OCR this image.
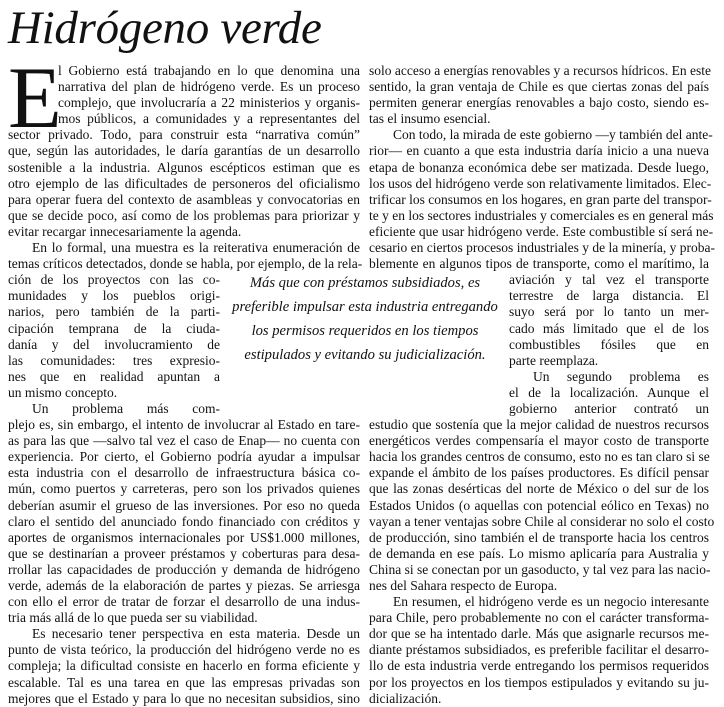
Hidrógeno verde
E
l Gobierno está trabajando en lo que denomina una
narrativa del plan de hidrógeno verde. Es un proceso
complejo, que involucraría a 22 ministerios y organis-
mos públicos, a comunidades y a representantes del
sector privado. Todo, para construir esta “narrativa común”
que, según las autoridades, le daría garantías de un desarrollo
sostenible a la industria. Algunos escépticos estiman que es
otro ejemplo de las dificultades de personeros del oficialismo
para operar fuera del contexto de asambleas y convocatorias en
que se decide poco, así como de los problemas para priorizar y
evitar recargar innecesariamente la agenda.
En lo formal, una muestra es la reiterativa enumeración de
temas críticos detectados, donde se habla, por ejemplo, de la rela-
ción de los proyectos con las co-
munidades y los pueblos origi-
narios, pero también de la parti-
cipación temprana de la ciuda-
danía y del involucramiento de
las comunidades: tres expresio-
nes que en realidad apuntan a
un mismo concepto.
Un problema más com-
plejo es, sin embargo, el intento de involucrar al Estado en tare-
as para las que —salvo tal vez el caso de Enap— no cuenta con
experiencia. Por cierto, el Gobierno podría ayudar a impulsar
esta industria con el desarrollo de infraestructura básica co-
mún, como puertos y carreteras, pero son los privados quienes
deberían asumir el grueso de las inversiones. Por eso no queda
claro el sentido del anunciado fondo financiado con créditos y
aportes de organismos internacionales por US$1.000 millones,
que se destinarían a proveer préstamos y coberturas para desa-
rrollar las capacidades de producción y demanda de hidrógeno
verde, además de la elaboración de partes y piezas. Se arriesga
con ello el error de tratar de forzar el desarrollo de una indus-
tria más allá de lo que pueda ser su viabilidad.
Es necesario tener perspectiva en esta materia. Desde un
punto de vista teórico, la producción del hidrógeno verde no es
compleja; la dificultad consiste en hacerlo en forma eficiente y
escalable. Tal es una tarea en que las empresas privadas son
mejores que el Estado y para lo que no necesitan subsidios, sino
solo acceso a energías renovables y a recursos hídricos. En este
sentido, la gran ventaja de Chile es que ciertas zonas del país
permiten generar energías renovables a bajo costo, siendo es-
tas el insumo esencial.
Con todo, la mirada de este gobierno —y también del ante-
rior— en cuanto a que esta industria daría inicio a una nueva
etapa de bonanza económica debe ser matizada. Desde luego,
los usos del hidrógeno verde son relativamente limitados. Elec-
trificar los consumos en los hogares, en gran parte del transpor-
te y en los sectores industriales y comerciales es en general más
eficiente que usar hidrógeno verde. Este combustible sí será ne-
cesario en ciertos procesos industriales y de la minería, y proba-
blemente en algunos tipos de transporte, como el marítimo, la
aviación y tal vez el transporte
terrestre de larga distancia. El
suyo será por lo tanto un mer-
cado más limitado que el de los
combustibles fósiles que en
parte reemplaza.
Un segundo problema es
el de la localización. Aunque el
gobierno anterior contrató un
estudio que sostenía que la mejor calidad de nuestros recursos
energéticos verdes compensaría el mayor costo de transporte
hacia los grandes centros de consumo, esto no es tan claro si se
expande el ámbito de los países productores. Es difícil pensar
que las zonas desérticas del norte de México o del sur de los
Estados Unidos (o aquellas con potencial eólico en Texas) no
vayan a tener ventajas sobre Chile al considerar no solo el costo
de producción, sino también el de transporte hacia los centros
de demanda en ese país. Lo mismo aplicaría para Australia y
China si se conectan por un gasoducto, y tal vez para las nacio-
nes del Sahara respecto de Europa.
En resumen, el hidrógeno verde es un negocio interesante
para Chile, pero probablemente no con el carácter transforma-
dor que se ha intentado darle. Más que asignarle recursos me-
diante préstamos subsidiados, es preferible facilitar el desarro-
llo de esta industria verde entregando los permisos requeridos
por los proyectos en los tiempos estipulados y evitando su ju-
dicialización.
Más que con préstamos subsidiados, es
preferible impulsar esta industria entregando
los permisos requeridos en los tiempos
estipulados y evitando su judicialización.
